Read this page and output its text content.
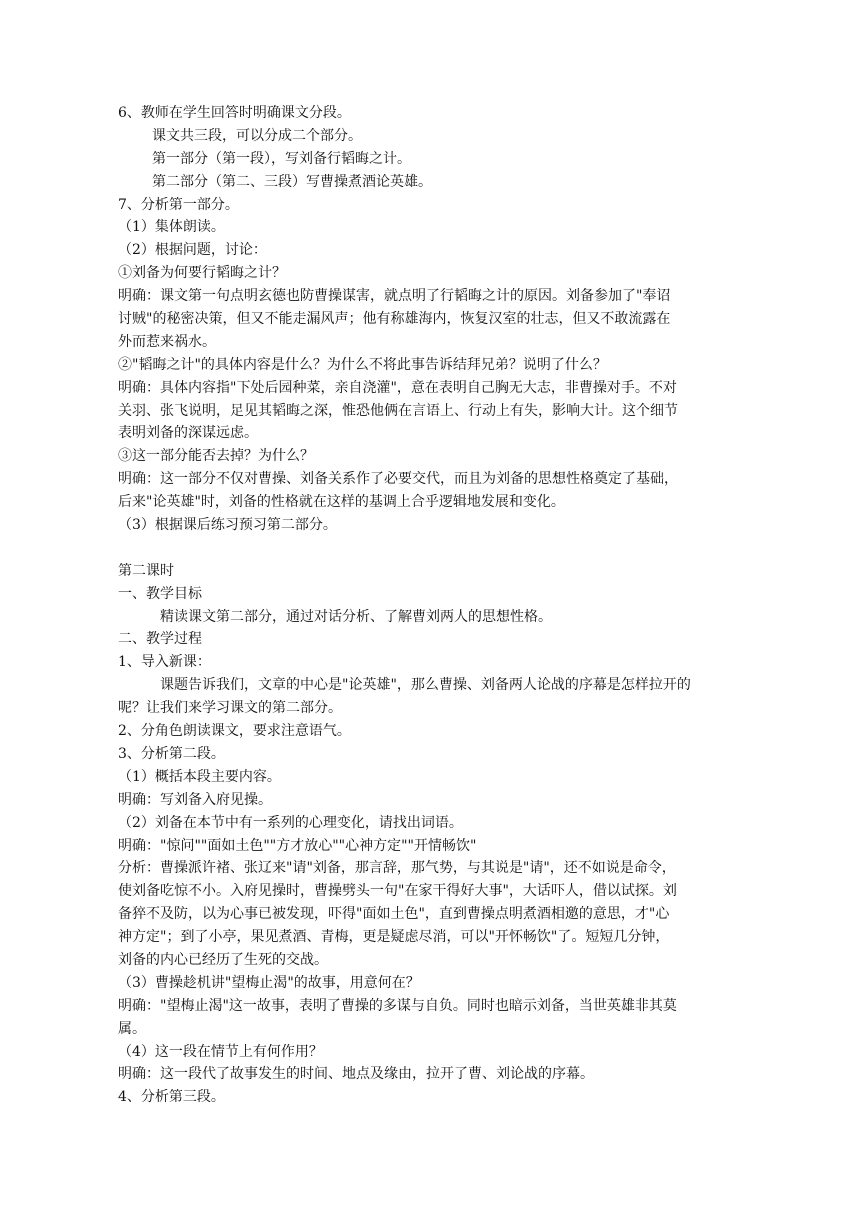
6、教师在学生回答时明确课文分段。
课文共三段，可以分成二个部分。
第一部分（第一段），写刘备行韬晦之计。
第二部分（第二、三段）写曹操煮酒论英雄。
7、分析第一部分。
（1）集体朗读。
（2）根据问题，讨论：
①刘备为何要行韬晦之计？
明确：课文第一句点明玄德也防曹操谋害，就点明了行韬晦之计的原因。刘备参加了"奉诏
讨贼"的秘密决策，但又不能走漏风声；他有称雄海内，恢复汉室的壮志，但又不敢流露在
外而惹来祸水。
②"韬晦之计"的具体内容是什么？为什么不将此事告诉结拜兄弟？说明了什么？
明确：具体内容指"下处后园种菜，亲自浇灌"，意在表明自己胸无大志，非曹操对手。不对
关羽、张飞说明，足见其韬晦之深，惟恐他俩在言语上、行动上有失，影响大计。这个细节
表明刘备的深谋远虑。
③这一部分能否去掉？为什么？
明确：这一部分不仅对曹操、刘备关系作了必要交代，而且为刘备的思想性格奠定了基础，
后来"论英雄"时，刘备的性格就在这样的基调上合乎逻辑地发展和变化。
（3）根据课后练习预习第二部分。
第二课时
一、教学目标
精读课文第二部分，通过对话分析、了解曹刘两人的思想性格。
二、教学过程
1、导入新课：
课题告诉我们，文章的中心是"论英雄"，那么曹操、刘备两人论战的序幕是怎样拉开的
呢？让我们来学习课文的第二部分。
2、分角色朗读课文，要求注意语气。
3、分析第二段。
（1）概括本段主要内容。
明确：写刘备入府见操。
（2）刘备在本节中有一系列的心理变化，请找出词语。
明确："惊问""面如土色""方才放心""心神方定""开情畅饮"
分析：曹操派许褚、张辽来"请"刘备，那言辞，那气势，与其说是"请"，还不如说是命令，
使刘备吃惊不小。入府见操时，曹操劈头一句"在家干得好大事"，大话吓人，借以试探。刘
备猝不及防，以为心事已被发现，吓得"面如土色"，直到曹操点明煮酒相邀的意思，才"心
神方定"；到了小亭，果见煮酒、青梅，更是疑虑尽消，可以"开怀畅饮"了。短短几分钟，
刘备的内心已经历了生死的交战。
（3）曹操趁机讲"望梅止渴"的故事，用意何在？
明确："望梅止渴"这一故事，表明了曹操的多谋与自负。同时也暗示刘备，当世英雄非其莫
属。
（4）这一段在情节上有何作用？
明确：这一段代了故事发生的时间、地点及缘由，拉开了曹、刘论战的序幕。
4、分析第三段。
